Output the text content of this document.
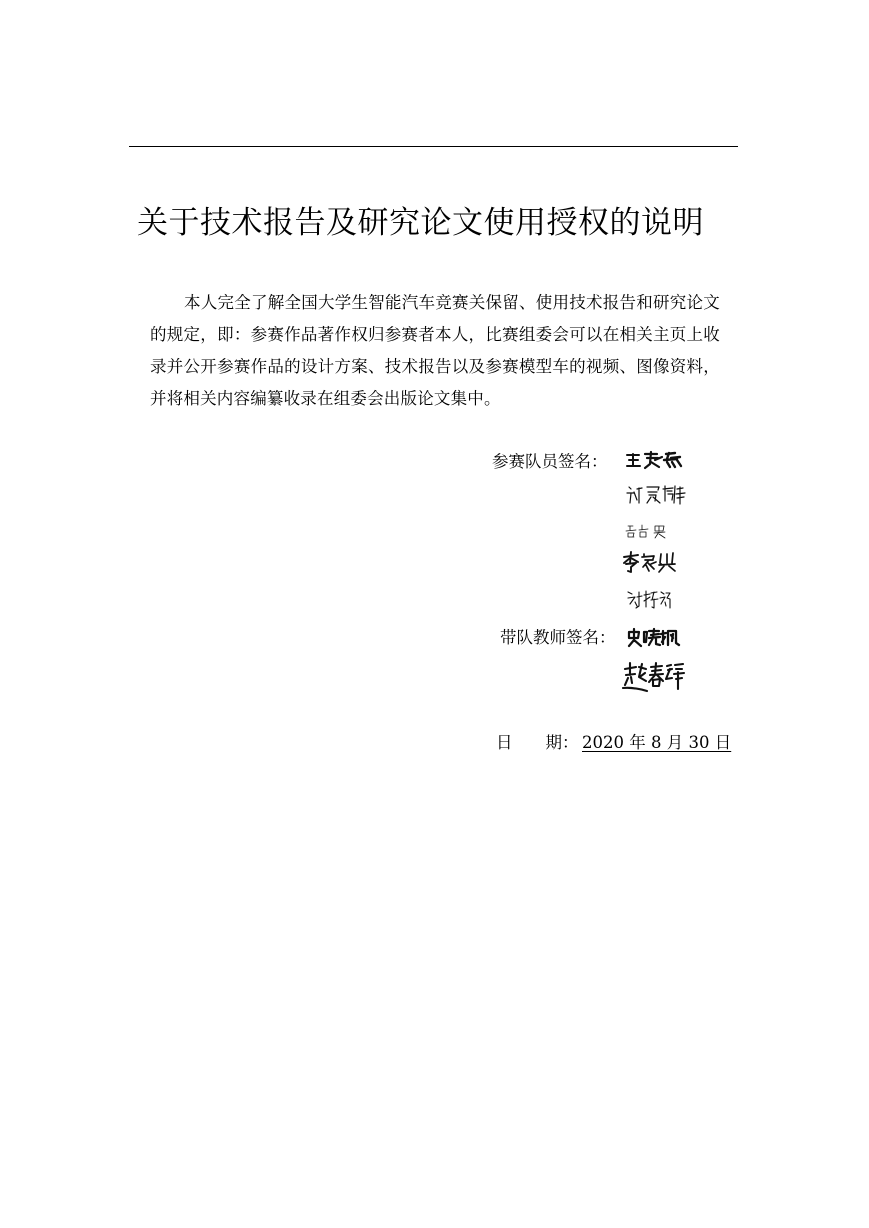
关于技术报告及研究论文使用授权的说明

本人完全了解全国大学生智能汽车竞赛关保留、使用技术报告和研究论文的规定，即：参赛作品著作权归参赛者本人，比赛组委会可以在相关主页上收录并公开参赛作品的设计方案、技术报告以及参赛模型车的视频、图像资料，并将相关内容编纂收录在组委会出版论文集中。

参赛队员签名：
带队教师签名：
日　　期： 2020 年 8 月 30 日
